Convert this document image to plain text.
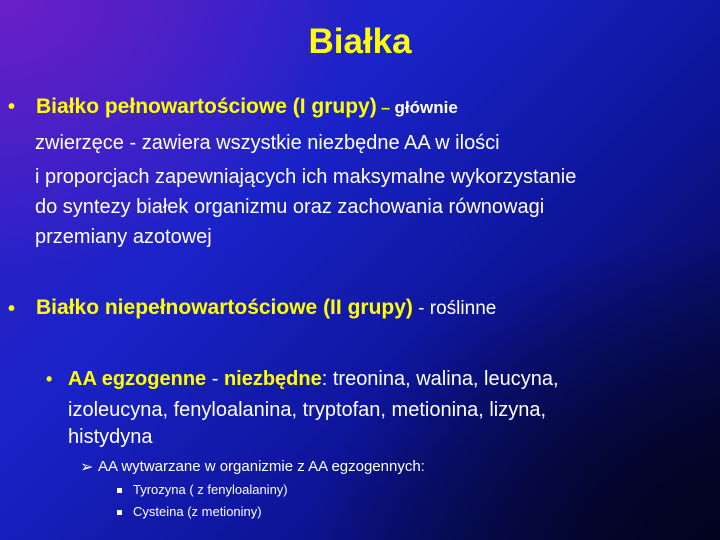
Białka
• Białko pełnowartościowe (I grupy) – głównie
zwierzęce - zawiera wszystkie niezbędne AA w ilości
i proporcjach zapewniających ich maksymalne wykorzystanie
do syntezy białek organizmu oraz zachowania równowagi
przemiany azotowej
• Białko niepełnowartościowe (II grupy) - roślinne
• AA egzogenne - niezbędne: treonina, walina, leucyna,
izoleucyna, fenyloalanina, tryptofan, metionina, lizyna,
histydyna
➢ AA wytwarzane w organizmie z AA egzogennych:
Tyrozyna ( z fenyloalaniny)
Cysteina (z metioniny)
